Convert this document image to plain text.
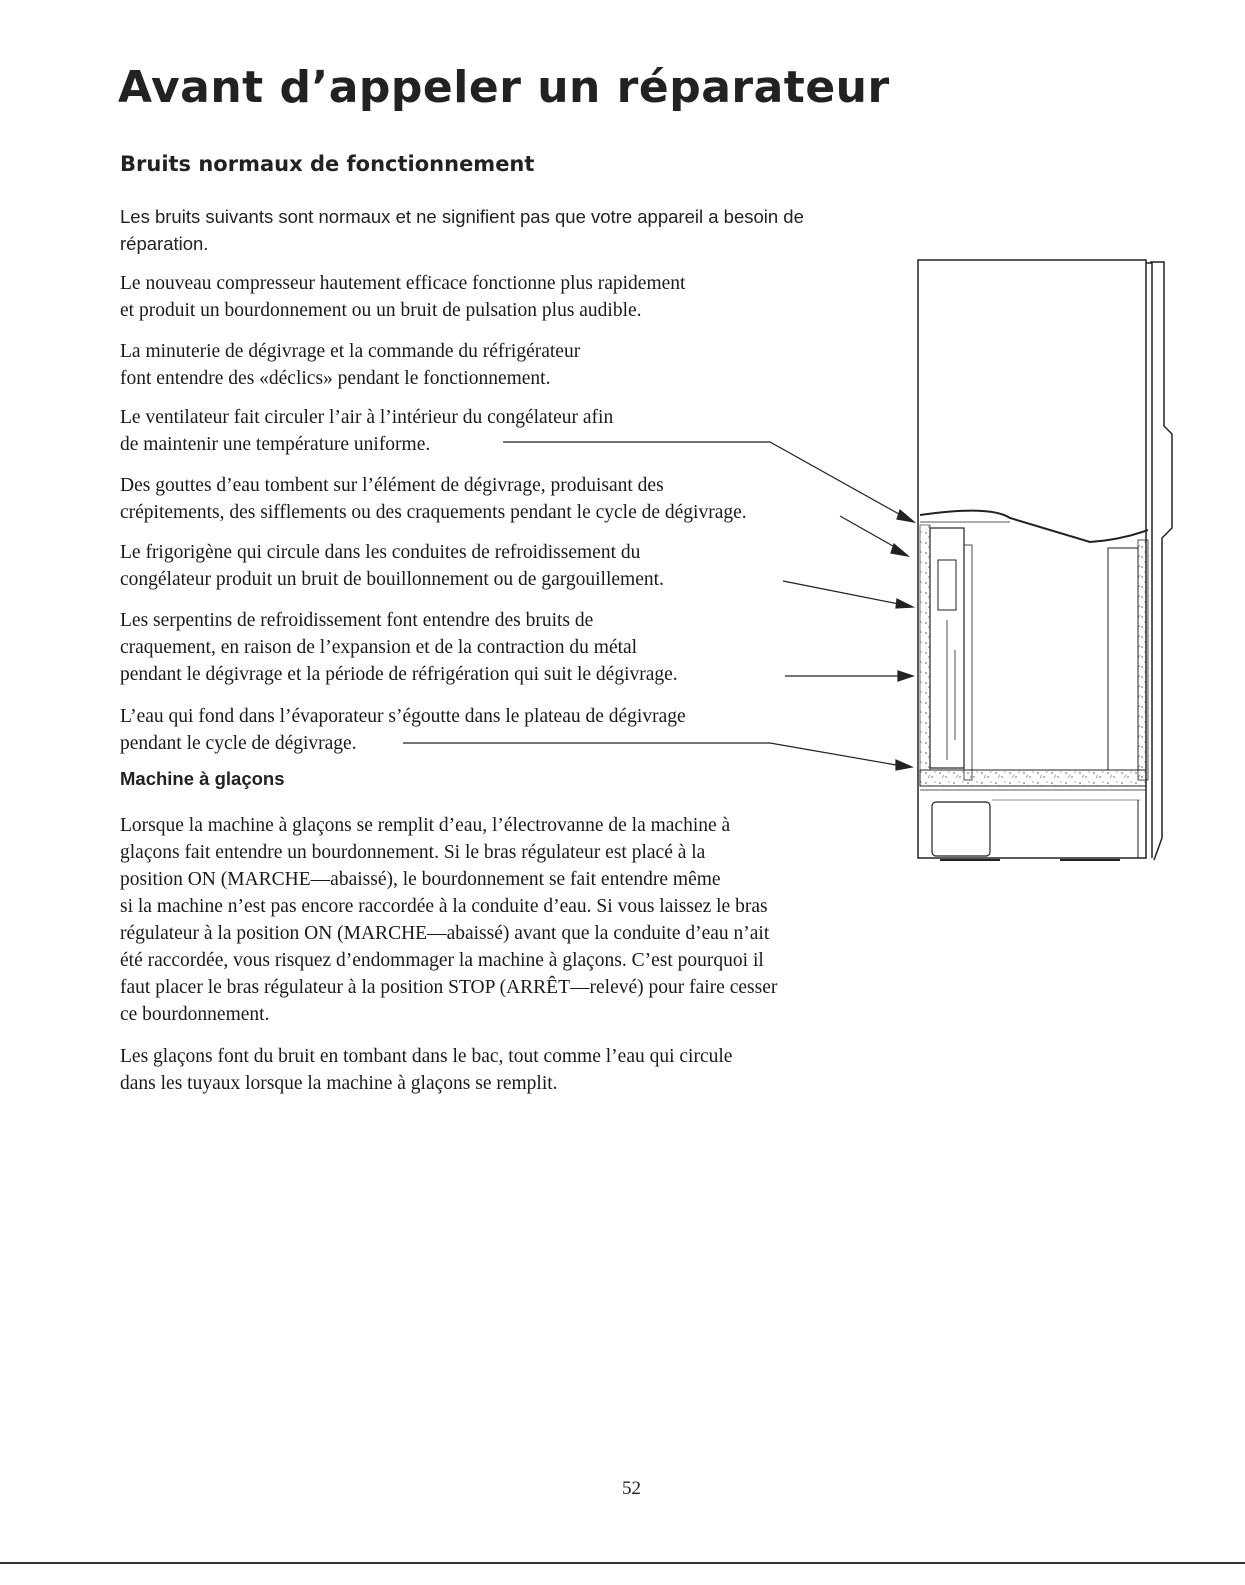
Avant d’appeler un réparateur
Bruits normaux de fonctionnement

Les bruits suivants sont normaux et ne signifient pas que votre appareil a besoin de réparation.

Le nouveau compresseur hautement efficace fonctionne plus rapidement
et produit un bourdonnement ou un bruit de pulsation plus audible.

La minuterie de dégivrage et la commande du réfrigérateur
font entendre des «déclics» pendant le fonctionnement.

Le ventilateur fait circuler l’air à l’intérieur du congélateur afin
de maintenir une température uniforme.

Des gouttes d’eau tombent sur l’élément de dégivrage, produisant des
crépitements, des sifflements ou des craquements pendant le cycle de dégivrage.

Le frigorigène qui circule dans les conduites de refroidissement du
congélateur produit un bruit de bouillonnement ou de gargouillement.

Les serpentins de refroidissement font entendre des bruits de
craquement, en raison de l’expansion et de la contraction du métal
pendant le dégivrage et la période de réfrigération qui suit le dégivrage.

L’eau qui fond dans l’évaporateur s’égoutte dans le plateau de dégivrage
pendant le cycle de dégivrage.

Machine à glaçons

Lorsque la machine à glaçons se remplit d’eau, l’électrovanne de la machine à
glaçons fait entendre un bourdonnement. Si le bras régulateur est placé à la
position ON (MARCHE—abaissé), le bourdonnement se fait entendre même
si la machine n’est pas encore raccordée à la conduite d’eau. Si vous laissez le bras
régulateur à la position ON (MARCHE—abaissé) avant que la conduite d’eau n’ait
été raccordée, vous risquez d’endommager la machine à glaçons. C’est pourquoi il
faut placer le bras régulateur à la position STOP (ARRÊT—relevé) pour faire cesser
ce bourdonnement.

Les glaçons font du bruit en tombant dans le bac, tout comme l’eau qui circule
dans les tuyaux lorsque la machine à glaçons se remplit.

52
